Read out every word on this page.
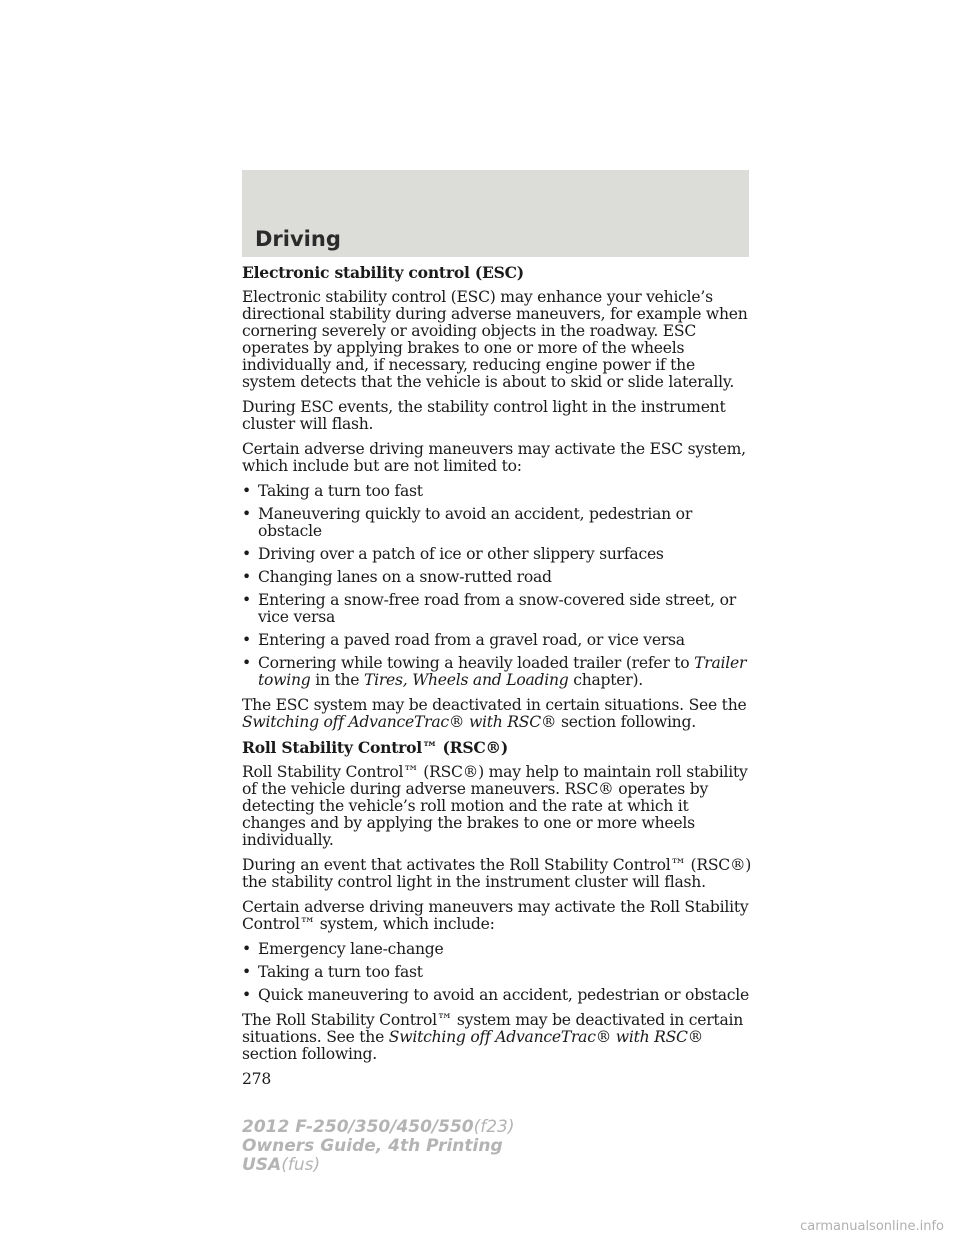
Driving
Electronic stability control (ESC)

Electronic stability control (ESC) may enhance your vehicle’s directional stability during adverse maneuvers, for example when cornering severely or avoiding objects in the roadway. ESC operates by applying brakes to one or more of the wheels individually and, if necessary, reducing engine power if the system detects that the vehicle is about to skid or slide laterally.

During ESC events, the stability control light in the instrument cluster will flash.

Certain adverse driving maneuvers may activate the ESC system, which include but are not limited to:

• Taking a turn too fast
• Maneuvering quickly to avoid an accident, pedestrian or obstacle
• Driving over a patch of ice or other slippery surfaces
• Changing lanes on a snow-rutted road
• Entering a snow-free road from a snow-covered side street, or vice versa
• Entering a paved road from a gravel road, or vice versa
• Cornering while towing a heavily loaded trailer (refer to Trailer towing in the Tires, Wheels and Loading chapter).

The ESC system may be deactivated in certain situations. See the Switching off AdvanceTrac® with RSC® section following.

Roll Stability Control™ (RSC®)

Roll Stability Control™ (RSC®) may help to maintain roll stability of the vehicle during adverse maneuvers. RSC® operates by detecting the vehicle’s roll motion and the rate at which it changes and by applying the brakes to one or more wheels individually.

During an event that activates the Roll Stability Control™ (RSC®) the stability control light in the instrument cluster will flash.

Certain adverse driving maneuvers may activate the Roll Stability Control™ system, which include:

• Emergency lane-change
• Taking a turn too fast
• Quick maneuvering to avoid an accident, pedestrian or obstacle

The Roll Stability Control™ system may be deactivated in certain situations. See the Switching off AdvanceTrac® with RSC® section following.

278
2012 F-250/350/450/550(f23)
Owners Guide, 4th Printing
USA(fus)
carmanualsonline.info
